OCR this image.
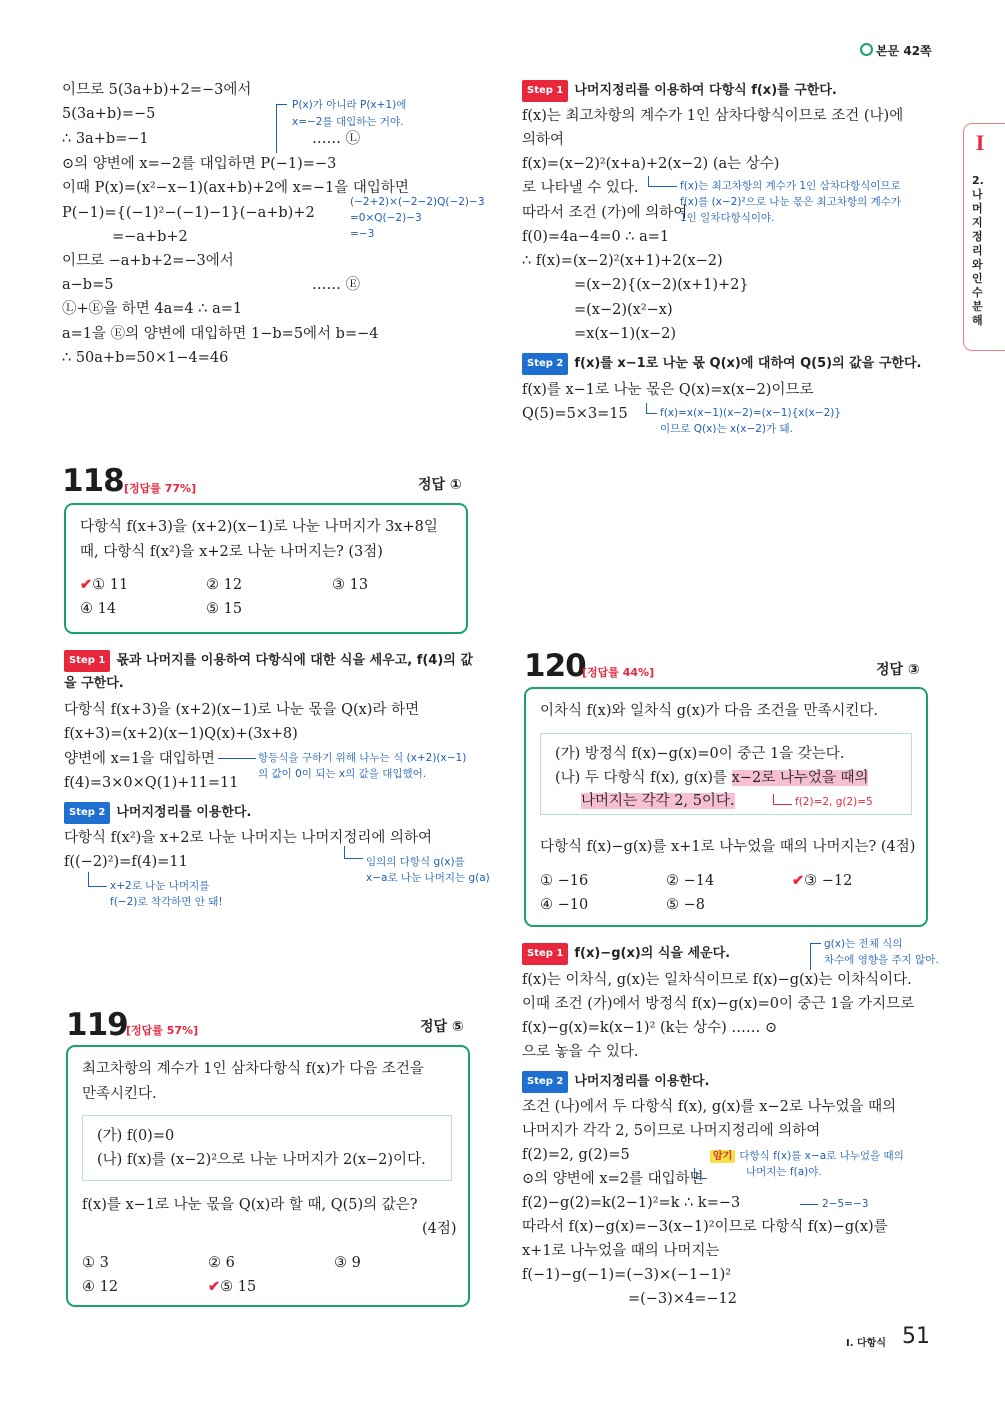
본문 42쪽
I
2. 나머지정리와 인수분해
이므로 5(3a+b)+2=−3에서
5(3a+b)=−5
∴ 3a+b=−1	…… Ⓛ
⊙의 양변에 x=−2를 대입하면 P(−1)=−3
이때 P(x)=(x²−x−1)(ax+b)+2에 x=−1을 대입하면
P(−1)={(−1)²−(−1)−1}(−a+b)+2
=−a+b+2
이므로 −a+b+2=−3에서
a−b=5	…… Ⓔ
Ⓛ+Ⓔ을 하면 4a=4 ∴ a=1
a=1을 Ⓔ의 양변에 대입하면 1−b=5에서 b=−4
∴ 50a+b=50×1−4=46
P(x)가 아니라 P(x+1)에
x=−2를 대입하는 거야.
(−2+2)×(−2−2)Q(−2)−3
=0×Q(−2)−3
=−3
Step 1 나머지정리를 이용하여 다항식 f(x)를 구한다.
f(x)는 최고차항의 계수가 1인 삼차다항식이므로 조건 (나)에
의하여
f(x)=(x−2)²(x+a)+2(x−2) (a는 상수)
로 나타낼 수 있다.
따라서 조건 (가)에 의하여
f(0)=4a−4=0 ∴ a=1
∴ f(x)=(x−2)²(x+1)+2(x−2)
=(x−2){(x−2)(x+1)+2}
=(x−2)(x²−x)
=x(x−1)(x−2)
f(x)는 최고차항의 계수가 1인 삼차다항식이므로
f(x)를 (x−2)²으로 나눈 몫은 최고차항의 계수가
1인 일차다항식이야.
Step 2 f(x)를 x−1로 나눈 몫 Q(x)에 대하여 Q(5)의 값을 구한다.
f(x)를 x−1로 나눈 몫은 Q(x)=x(x−2)이므로
Q(5)=5×3=15	f(x)=x(x−1)(x−2)=(x−1){x(x−2)}
이므로 Q(x)는 x(x−2)가 돼.
118 [정답률 77%]	정답 ①
다항식 f(x+3)을 (x+2)(x−1)로 나눈 나머지가 3x+8일
때, 다항식 f(x²)을 x+2로 나눈 나머지는? (3점)
✔① 11	② 12	③ 13
④ 14	⑤ 15
Step 1 몫과 나머지를 이용하여 다항식에 대한 식을 세우고, f(4)의 값
을 구한다.
다항식 f(x+3)을 (x+2)(x−1)로 나눈 몫을 Q(x)라 하면
f(x+3)=(x+2)(x−1)Q(x)+(3x+8)
양변에 x=1을 대입하면
f(4)=3×0×Q(1)+11=11
항등식을 구하기 위해 나누는 식 (x+2)(x−1)
의 값이 0이 되는 x의 값을 대입했어.
Step 2 나머지정리를 이용한다.
다항식 f(x²)을 x+2로 나눈 나머지는 나머지정리에 의하여
f((−2)²)=f(4)=11	임의의 다항식 g(x)를
x−a로 나눈 나머지는 g(a)
x+2로 나눈 나머지를
f(−2)로 착각하면 안 돼!
119
[정답률 57%]	정답 ⑤
최고차항의 계수가 1인 삼차다항식 f(x)가 다음 조건을
만족시킨다.
(가) f(0)=0
(나) f(x)를 (x−2)²으로 나눈 나머지가 2(x−2)이다.
f(x)를 x−1로 나눈 몫을 Q(x)라 할 때, Q(5)의 값은?
(4점)
① 3	② 6	③ 9
④ 12	✔⑤ 15
120
[정답률 44%]	정답 ③
이차식 f(x)와 일차식 g(x)가 다음 조건을 만족시킨다.
(가) 방정식 f(x)−g(x)=0이 중근 1을 갖는다.
(나) 두 다항식 f(x), g(x)를 x−2로 나누었을 때의
나머지는 각각 2, 5이다.	f(2)=2, g(2)=5
다항식 f(x)−g(x)를 x+1로 나누었을 때의 나머지는? (4점)
① −16	② −14	✔③ −12
④ −10	⑤ −8
Step 1 f(x)−g(x)의 식을 세운다.
g(x)는 전체 식의
차수에 영향을 주지 않아.
f(x)는 이차식, g(x)는 일차식이므로 f(x)−g(x)는 이차식이다.
이때 조건 (가)에서 방정식 f(x)−g(x)=0이 중근 1을 가지므로
f(x)−g(x)=k(x−1)² (k는 상수) …… ⊙
으로 놓을 수 있다.
Step 2 나머지정리를 이용한다.
조건 (나)에서 두 다항식 f(x), g(x)를 x−2로 나누었을 때의
나머지가 각각 2, 5이므로 나머지정리에 의하여
f(2)=2, g(2)=5
⊙의 양변에 x=2를 대입하면
f(2)−g(2)=k(2−1)²=k ∴ k=−3
따라서 f(x)−g(x)=−3(x−1)²이므로 다항식 f(x)−g(x)를
x+1로 나누었을 때의 나머지는
f(−1)−g(−1)=(−3)×(−1−1)²
=(−3)×4=−12
암기 다항식 f(x)를 x−a로 나누었을 때의
나머지는 f(a)야.
2−5=−3
I. 다항식 51
